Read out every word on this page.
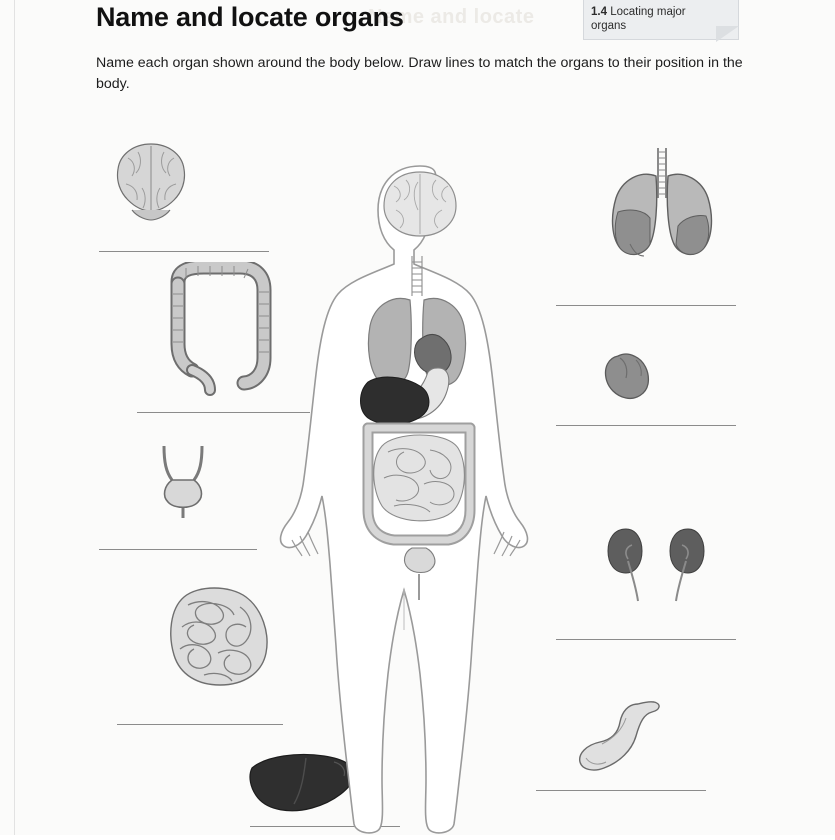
Name and locate
Name and locate organs	1.4 Locating major organs
Name each organ shown around the body below. Draw lines to match the organs to their position in the body.
